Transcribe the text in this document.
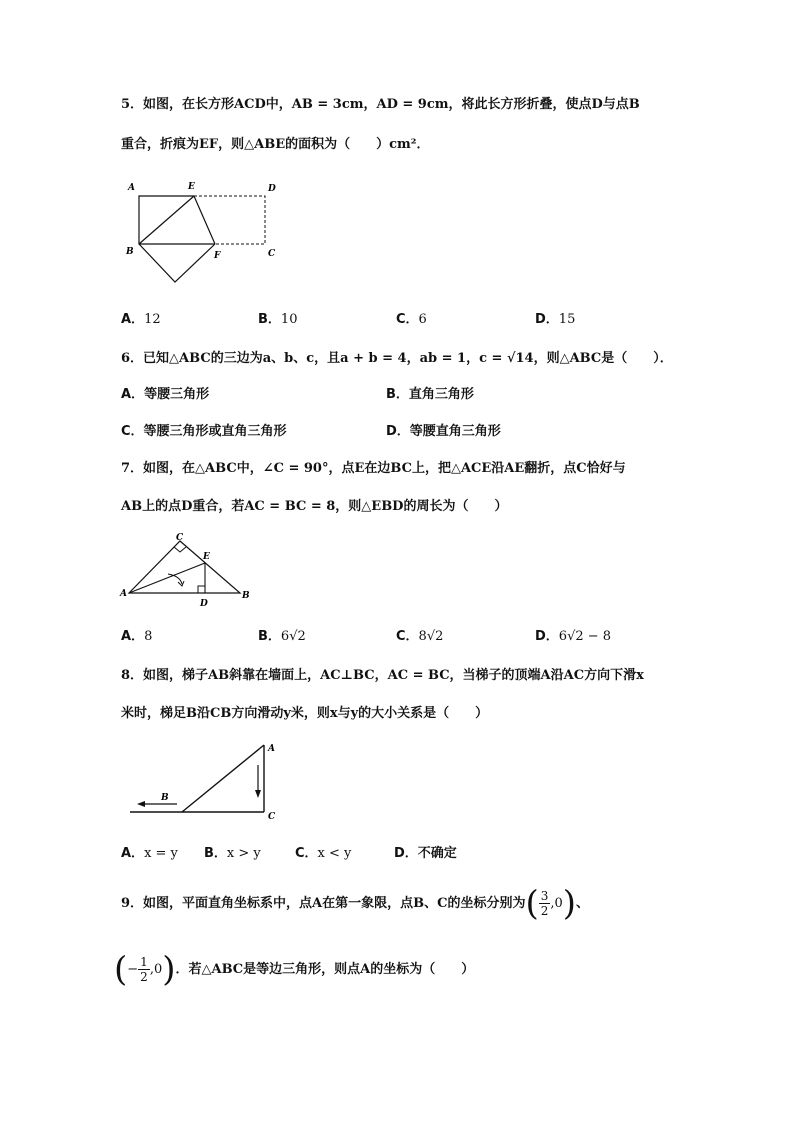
5．如图，在长方形ACD中，AB = 3cm，AD = 9cm，将此长方形折叠，使点D与点B
重合，折痕为EF，则△ABE的面积为（　　）cm²．
A	E	D
B	F	C
A．12	B．10	C．6	D．15
6．已知△ABC的三边为a、b、c，且a + b = 4，ab = 1，c = √14，则△ABC是（　　）．
A．等腰三角形	B．直角三角形
C．等腰三角形或直角三角形	D．等腰直角三角形
7．如图，在△ABC中，∠C = 90°，点E在边BC上，把△ACE沿AE翻折，点C恰好与
AB上的点D重合，若AC = BC = 8，则△EBD的周长为（　　）
A
C
E
D
B
A．8	B．6√2	C．8√2	D．6√2 − 8
8．如图，梯子AB斜靠在墙面上，AC⊥BC，AC = BC，当梯子的顶端A沿AC方向下滑x
米时，梯足B沿CB方向滑动y米，则x与y的大小关系是（　　）
A
B
C
A．x = y B．x > y	C．x < y	D．不确定
9．如图，平面直角坐标系中，点A在第一象限，点B、C的坐标分别为( $\frac{3}{2} ,0$)、
(− $\frac{1}{2} ,0$)．若△ABC是等边三角形，则点A的坐标为（　　）
